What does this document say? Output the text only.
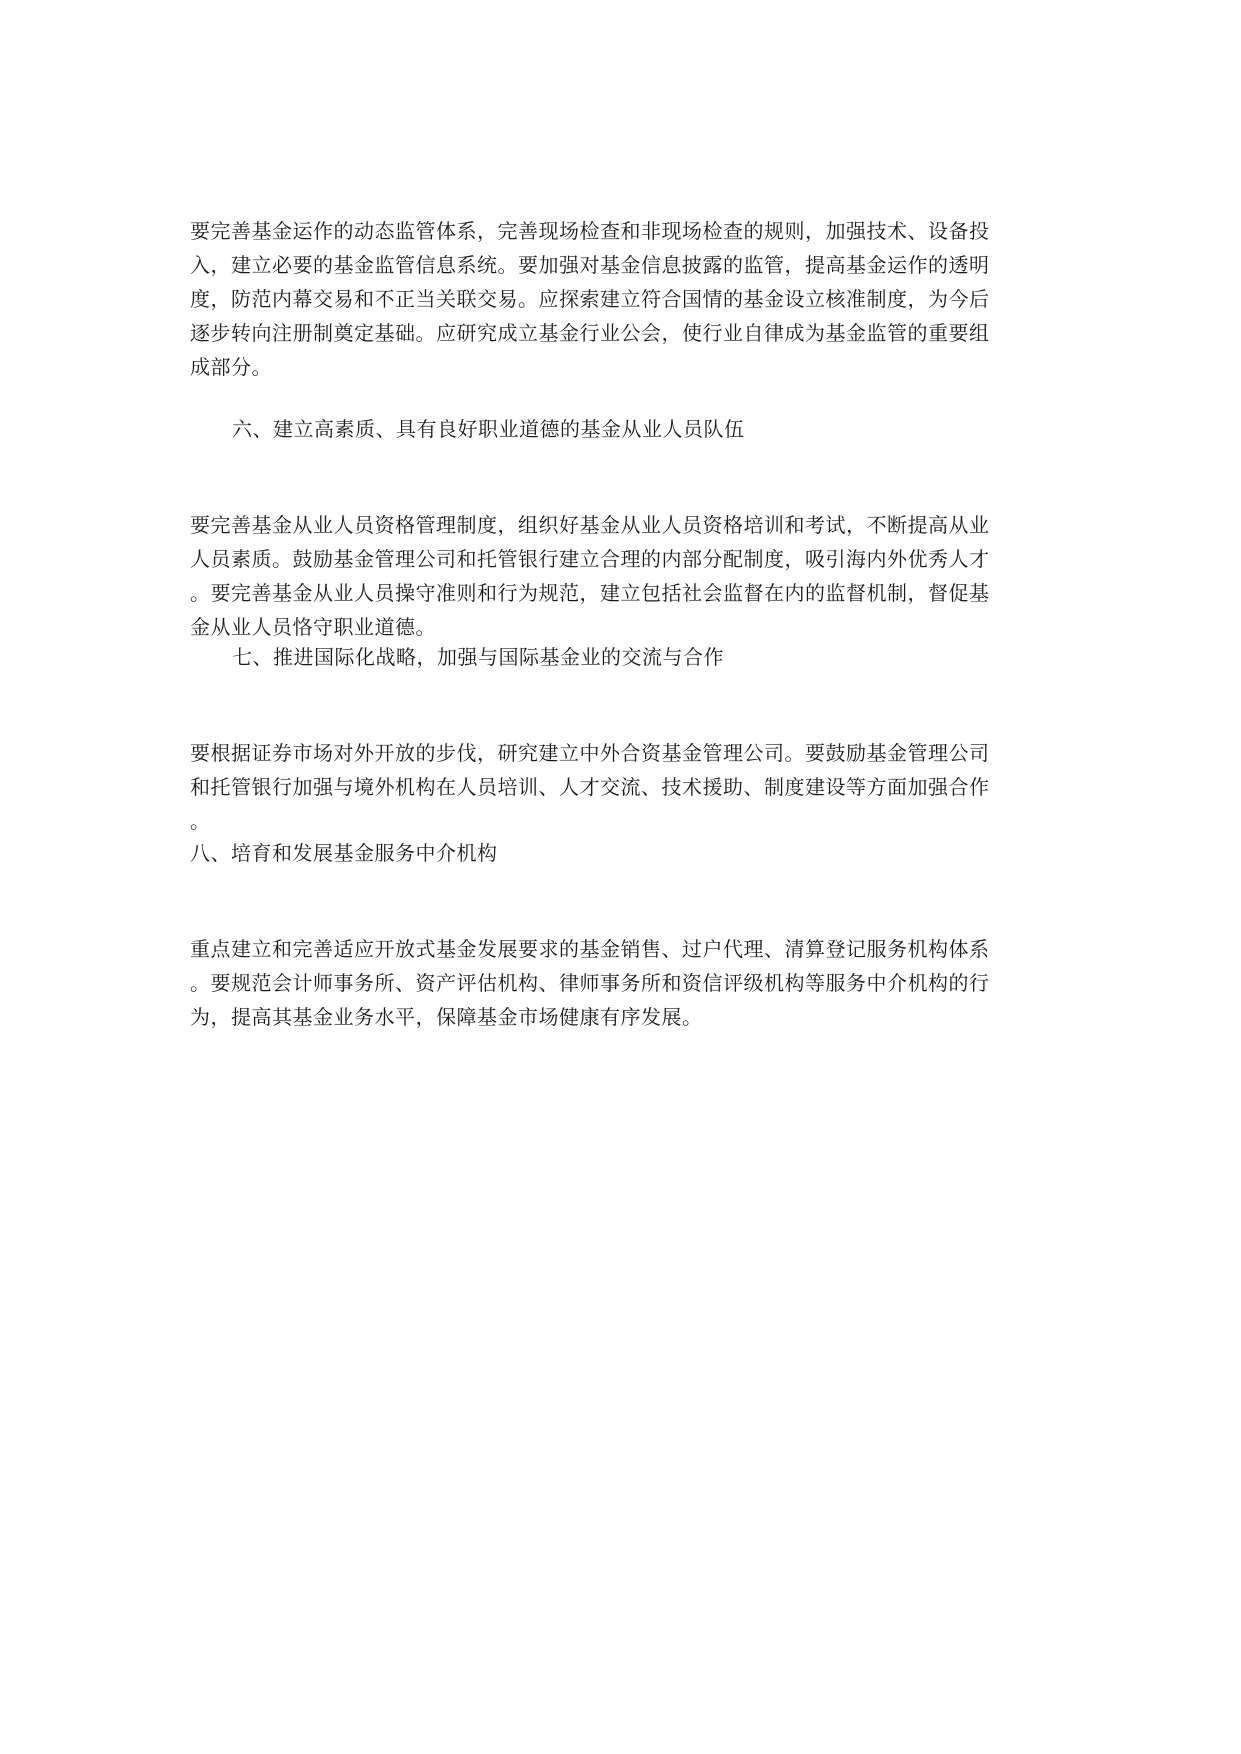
要完善基金运作的动态监管体系，完善现场检查和非现场检查的规则，加强技术、设备投
入，建立必要的基金监管信息系统。要加强对基金信息披露的监管，提高基金运作的透明
度，防范内幕交易和不正当关联交易。应探索建立符合国情的基金设立核准制度，为今后
逐步转向注册制奠定基础。应研究成立基金行业公会，使行业自律成为基金监管的重要组
成部分。
六、建立高素质、具有良好职业道德的基金从业人员队伍
要完善基金从业人员资格管理制度，组织好基金从业人员资格培训和考试，不断提高从业
人员素质。鼓励基金管理公司和托管银行建立合理的内部分配制度，吸引海内外优秀人才
。要完善基金从业人员操守准则和行为规范，建立包括社会监督在内的监督机制，督促基
金从业人员恪守职业道德。
七、推进国际化战略，加强与国际基金业的交流与合作
要根据证券市场对外开放的步伐，研究建立中外合资基金管理公司。要鼓励基金管理公司
和托管银行加强与境外机构在人员培训、人才交流、技术援助、制度建设等方面加强合作
。
八、培育和发展基金服务中介机构
重点建立和完善适应开放式基金发展要求的基金销售、过户代理、清算登记服务机构体系
。要规范会计师事务所、资产评估机构、律师事务所和资信评级机构等服务中介机构的行
为，提高其基金业务水平，保障基金市场健康有序发展。
